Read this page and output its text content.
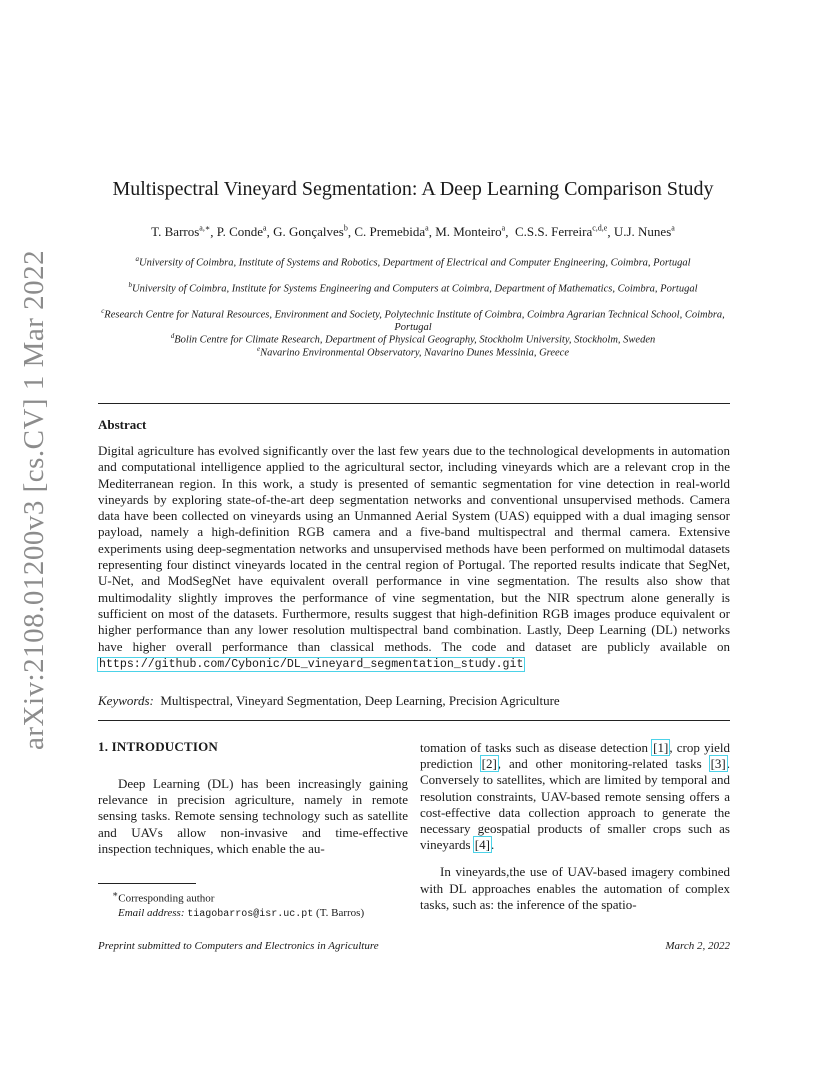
arXiv:2108.01200v3 [cs.CV] 1 Mar 2022
Multispectral Vineyard Segmentation: A Deep Learning Comparison Study
T. Barros$^{a,∗}$, P. Conde$^a$, G. Gonçalves$^b$, C. Premebida$^a$, M. Monteiro$^a$,  C.S.S. Ferreira$^{c,d,e}$, U.J. Nunes$^a$
$^a$University of Coimbra, Institute of Systems and Robotics, Department of Electrical and Computer Engineering, Coimbra, Portugal
$^b$University of Coimbra, Institute for Systems Engineering and Computers at Coimbra, Department of Mathematics, Coimbra, Portugal
$^c$Research Centre for Natural Resources, Environment and Society, Polytechnic Institute of Coimbra, Coimbra Agrarian Technical School, Coimbra, Portugal
$^d$Bolin Centre for Climate Research, Department of Physical Geography, Stockholm University, Stockholm, Sweden
$^e$Navarino Environmental Observatory, Navarino Dunes Messinia, Greece
Abstract
Digital agriculture has evolved significantly over the last few years due to the technological developments in automation and computational intelligence applied to the agricultural sector, including vineyards which are a relevant crop in the Mediterranean region. In this work, a study is presented of semantic segmentation for vine detection in real-world vineyards by exploring state-of-the-art deep segmentation networks and conventional unsupervised methods. Camera data have been collected on vineyards using an Unmanned Aerial System (UAS) equipped with a dual imaging sensor payload, namely a high-definition RGB camera and a five-band multispectral and thermal camera. Extensive experiments using deep-segmentation networks and unsupervised methods have been performed on multimodal datasets representing four distinct vineyards located in the central region of Portugal. The reported results indicate that SegNet, U-Net, and ModSegNet have equivalent overall performance in vine segmentation. The results also show that multimodality slightly improves the performance of vine segmentation, but the NIR spectrum alone generally is sufficient on most of the datasets. Furthermore, results suggest that high-definition RGB images produce equivalent or higher performance than any lower resolution multispectral band combination. Lastly, Deep Learning (DL) networks have higher overall performance than classical methods. The code and dataset are publicly available on https://github.com/Cybonic/DL_vineyard_segmentation_study.git
Keywords: Multispectral, Vineyard Segmentation, Deep Learning, Precision Agriculture
1. INTRODUCTION

Deep Learning (DL) has been increasingly gaining relevance in precision agriculture, namely in remote sensing tasks. Remote sensing technology such as satellite and UAVs allow non-invasive and time-effective inspection techniques, which enable the au-

tomation of tasks such as disease detection [1], crop yield prediction [2], and other monitoring-related tasks [3]. Conversely to satellites, which are limited by temporal and resolution constraints, UAV-based remote sensing offers a cost-effective data collection approach to generate the necessary geospatial products of smaller crops such as vineyards [4].

In vineyards,the use of UAV-based imagery combined with DL approaches enables the automation of complex tasks, such as: the inference of the spatio-

∗Corresponding author
Email address: tiagobarros@isr.uc.pt (T. Barros)
Preprint submitted to Computers and Electronics in Agriculture	March 2, 2022
